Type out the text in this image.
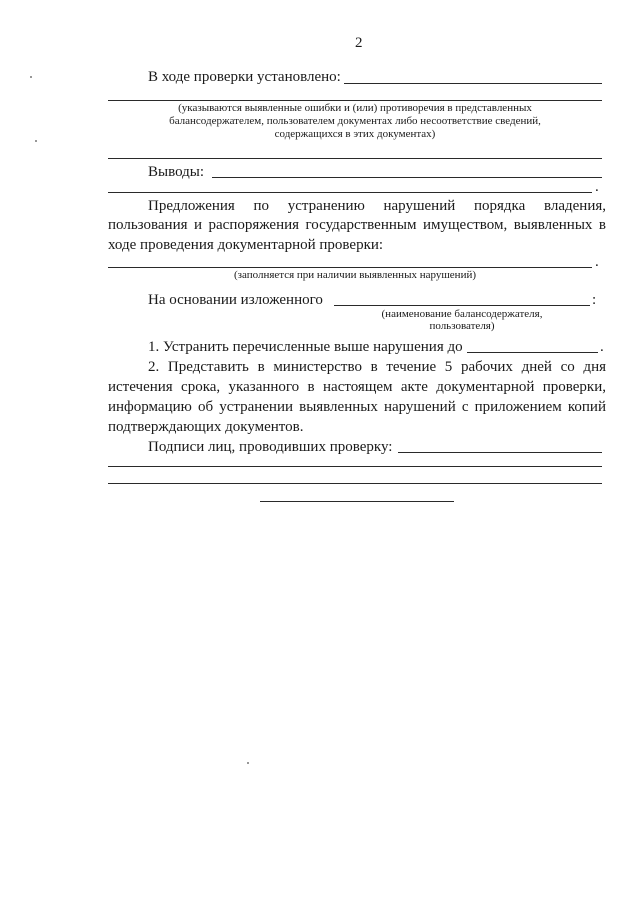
2
В ходе проверки установлено:
(указываются выявленные ошибки и (или) противоречия в представленных
балансодержателем, пользователем документах либо несоответствие сведений,
содержащихся в этих документах)
Выводы:
.
Предложения по устранению нарушений порядка владения,
пользования и распоряжения государственным имуществом, выявленных в
ходе проведения документарной проверки:
.
(заполняется при наличии выявленных нарушений)
На основании изложенного	:
(наименование балансодержателя,
пользователя)
1. Устранить перечисленные выше нарушения до	.
2. Представить в министерство в течение 5 рабочих дней со дня
истечения срока, указанного в настоящем акте документарной проверки,
информацию об устранении выявленных нарушений с приложением копий
подтверждающих документов.
Подписи лиц, проводивших проверку:
